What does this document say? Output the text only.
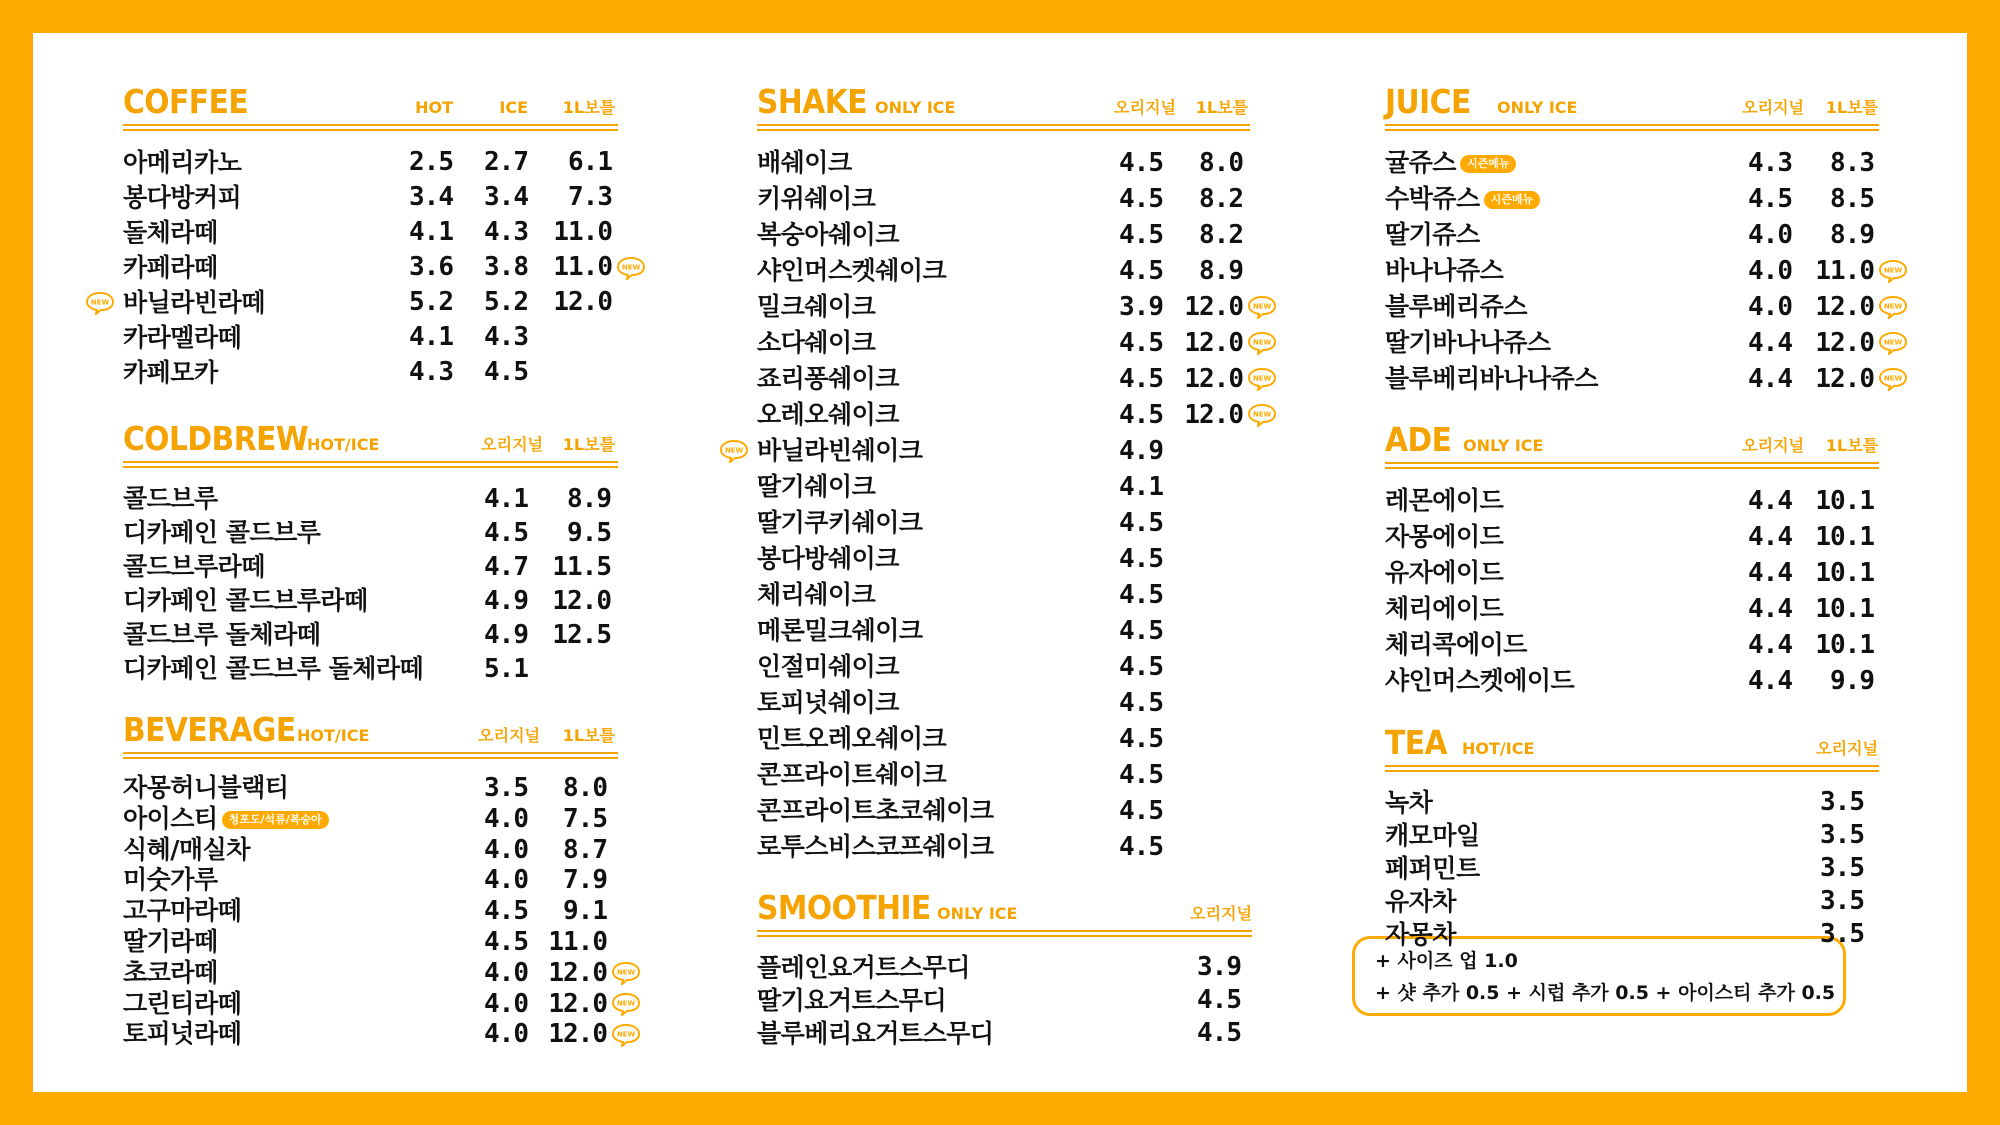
+ 사이즈 업 1.0
+ 샷 추가 0.5 + 시럽 추가 0.5 + 아이스티 추가 0.5
COFFEE	HOT	ICE 1L보틀
아메리카노	2.5 2.7 6.1
봉다방커피	3.4 3.4 7.3
돌체라떼	4.1 4.3 11.0
카페라떼	3.6 3.8 11.0 NEW
바닐라빈라떼	5.2 5.2 12.0
NEW
카라멜라떼	4.1 4.3
카페모카	4.3 4.5
COLDBREW
HOT/ICE	오리지널 1L보틀
콜드브루	4.1 8.9
디카페인 콜드브루	4.5 9.5
콜드브루라떼	4.7 11.5
디카페인 콜드브루라떼	4.9 12.0
콜드브루 돌체라떼	4.9 12.5
디카페인 콜드브루 돌체라떼 5.1
BEVERAGE HOT/ICE	오리지널 1L보틀
자몽허니블랙티	3.5 8.0
아이스티 청포도/석류/복숭아	4.0 7.5
식혜/매실차	4.0 8.7
미숫가루	4.0 7.9
고구마라떼	4.5 9.1
딸기라떼	4.5 11.0
초코라떼	4.0 12.0 NEW
그린티라떼	4.0 12.0 NEW
토피넛라떼	4.0 12.0 NEW
SHAKE ONLY ICE	오리지널 1L보틀
배쉐이크	4.5 8.0
키위쉐이크	4.5 8.2
복숭아쉐이크	4.5 8.2
샤인머스켓쉐이크	4.5 8.9
밀크쉐이크	3.9 12.0 NEW
소다쉐이크	4.5 12.0 NEW
죠리퐁쉐이크	4.5 12.0 NEW
오레오쉐이크	4.5 12.0 NEW
바닐라빈쉐이크	4.9
NEW
딸기쉐이크	4.1
딸기쿠키쉐이크	4.5
봉다방쉐이크	4.5
체리쉐이크	4.5
메론밀크쉐이크	4.5
인절미쉐이크	4.5
토피넛쉐이크	4.5
민트오레오쉐이크	4.5
콘프라이트쉐이크	4.5
콘프라이트초코쉐이크	4.5
로투스비스코프쉐이크	4.5
SMOOTHIE ONLY ICE	오리지널
플레인요거트스무디	3.9
딸기요거트스무디	4.5
블루베리요거트스무디	4.5
JUICE ONLY ICE	오리지널 1L보틀
귤쥬스 시즌메뉴	4.3 8.3
수박쥬스 시즌메뉴	4.5 8.5
딸기쥬스	4.0 8.9
바나나쥬스	4.0 11.0 NEW
블루베리쥬스	4.0 12.0 NEW
딸기바나나쥬스	4.4 12.0 NEW
블루베리바나나쥬스	4.4 12.0 NEW
ADE ONLY ICE	오리지널 1L보틀
레몬에이드	4.4 10.1
자몽에이드	4.4 10.1
유자에이드	4.4 10.1
체리에이드	4.4 10.1
체리콕에이드	4.4 10.1
샤인머스켓에이드	4.4 9.9
TEA HOT/ICE	오리지널
녹차	3.5
캐모마일	3.5
페퍼민트	3.5
유자차	3.5
자몽차	3.5
